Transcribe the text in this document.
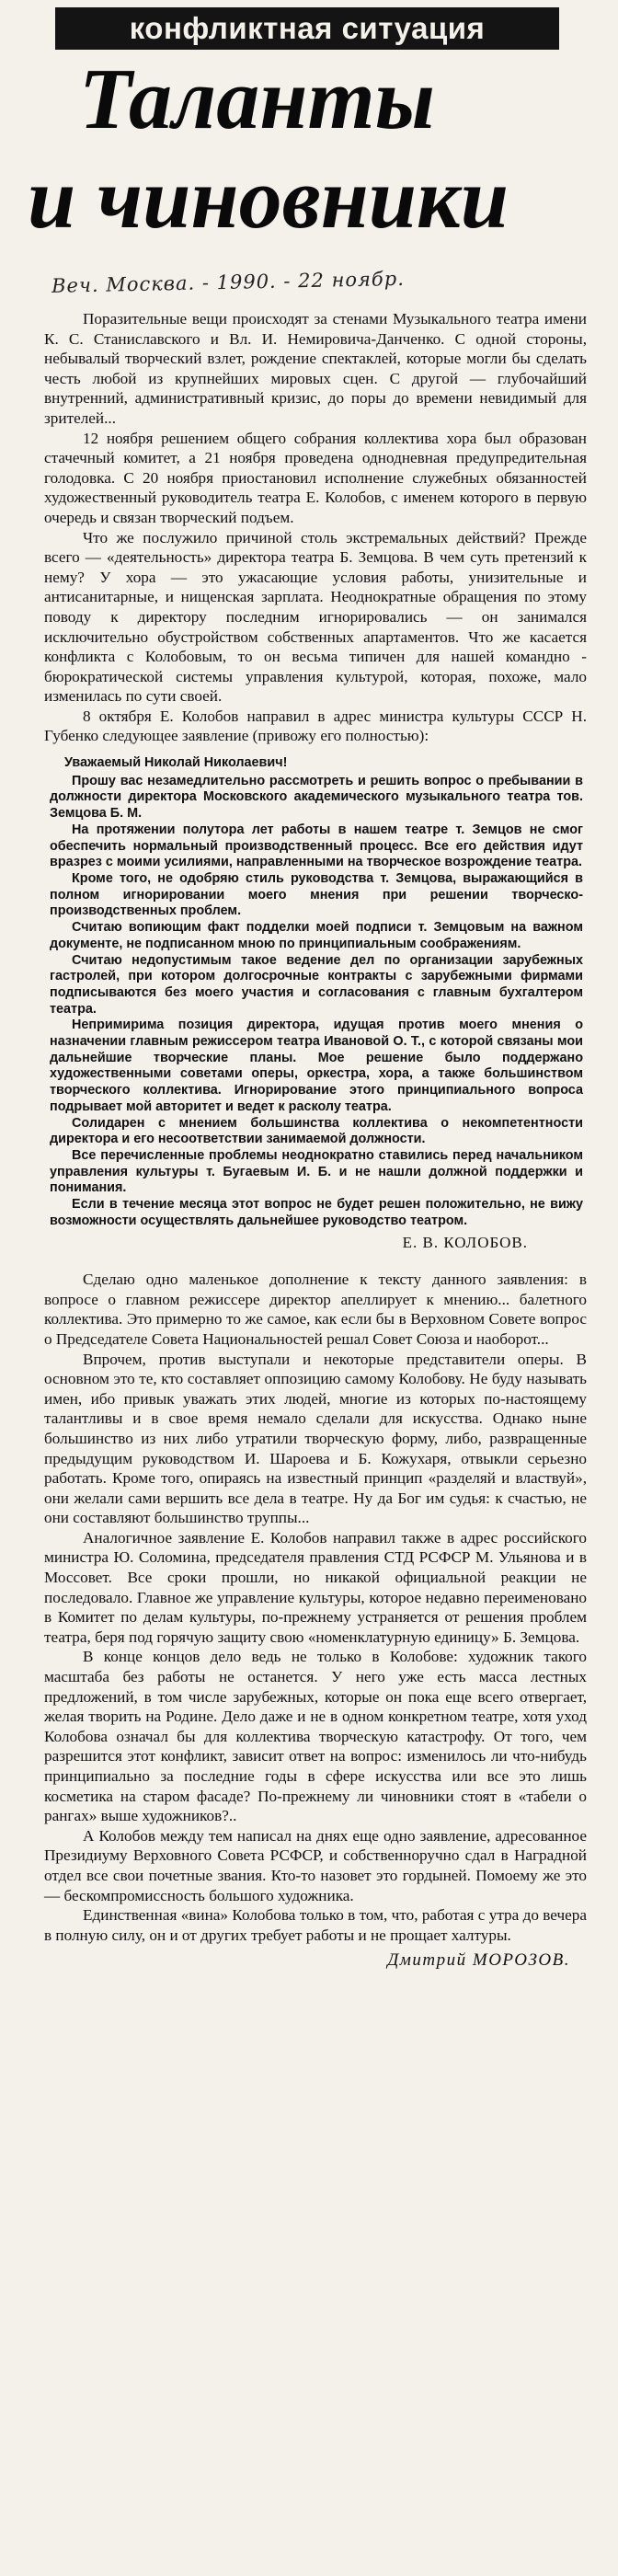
конфликтная ситуация
Таланты
и чиновники
Веч. Москва. - 1990. - 22 ноябр.

Поразительные вещи происходят за стенами Музыкального театра имени К. С. Станиславского и Вл. И. Немировича-Данченко. С одной стороны, небывалый творческий взлет, рождение спектаклей, которые могли бы сделать честь любой из крупнейших мировых сцен. С другой — глубочайший внутренний, административный кризис, до поры до времени невидимый для зрителей...

12 ноября решением общего собрания коллектива хора был образован стачечный комитет, а 21 ноября проведена однодневная предупредительная голодовка. С 20 ноября приостановил исполнение служебных обязанностей художественный руководитель театра Е. Колобов, с именем которого в первую очередь и связан творческий подъем.

Что же послужило причиной столь экстремальных действий? Прежде всего — «деятельность» директора театра Б. Земцова. В чем суть претензий к нему? У хора — это ужасающие условия работы, унизительные и антисанитарные, и нищенская зарплата. Неоднократные обращения по этому поводу к директору последним игнорировались — он занимался исключительно обустройством собственных апартаментов. Что же касается конфликта с Колобовым, то он весьма типичен для нашей командно - бюрократической системы управления культурой, которая, похоже, мало изменилась по сути своей.

8 октября Е. Колобов направил в адрес министра культуры СССР Н. Губенко следующее заявление (привожу его полностью):

Уважаемый Николай Николаевич!

Прошу вас незамедлительно рассмотреть и решить вопрос о пребывании в должности директора Московского академического музыкального театра тов. Земцова Б. М.

На протяжении полутора лет работы в нашем театре т. Земцов не смог обеспечить нормальный производственный процесс. Все его действия идут вразрез с моими усилиями, направленными на творческое возрождение театра.

Кроме того, не одобряю стиль руководства т. Земцова, выражающийся в полном игнорировании моего мнения при решении творческо-производственных проблем.

Считаю вопиющим факт подделки моей подписи т. Земцовым на важном документе, не подписанном мною по принципиальным соображениям.

Считаю недопустимым такое ведение дел по организации зарубежных гастролей, при котором долгосрочные контракты с зарубежными фирмами подписываются без моего участия и согласования с главным бухгалтером театра.

Непримирима позиция директора, идущая против моего мнения о назначении главным режиссером театра Ивановой О. Т., с которой связаны мои дальнейшие творческие планы. Мое решение было поддержано художественными советами оперы, оркестра, хора, а также большинством творческого коллектива. Игнорирование этого принципиального вопроса подрывает мой авторитет и ведет к расколу театра.

Солидарен с мнением большинства коллектива о некомпетентности директора и его несоответствии занимаемой должности.

Все перечисленные проблемы неоднократно ставились перед начальником управления культуры т. Бугаевым И. Б. и не нашли должной поддержки и понимания.

Если в течение месяца этот вопрос не будет решен положительно, не вижу возможности осуществлять дальнейшее руководство театром.

Е. В. КОЛОБОВ.

Сделаю одно маленькое дополнение к тексту данного заявления: в вопросе о главном режиссере директор апеллирует к мнению... балетного коллектива. Это примерно то же самое, как если бы в Верховном Совете вопрос о Председателе Совета Национальностей решал Совет Союза и наоборот...

Впрочем, против выступали и некоторые представители оперы. В основном это те, кто составляет оппозицию самому Колобову. Не буду называть имен, ибо привык уважать этих людей, многие из которых по-настоящему талантливы и в свое время немало сделали для искусства. Однако ныне большинство из них либо утратили творческую форму, либо, развращенные предыдущим руководством И. Шароева и Б. Кожухаря, отвыкли серьезно работать. Кроме того, опираясь на известный принцип «разделяй и властвуй», они желали сами вершить все дела в театре. Ну да Бог им судья: к счастью, не они составляют большинство труппы...

Аналогичное заявление Е. Колобов направил также в адрес российского министра Ю. Соломина, председателя правления СТД РСФСР М. Ульянова и в Моссовет. Все сроки прошли, но никакой официальной реакции не последовало. Главное же управление культуры, которое недавно переименовано в Комитет по делам культуры, по-прежнему устраняется от решения проблем театра, беря под горячую защиту свою «номенклатурную единицу» Б. Земцова.

В конце концов дело ведь не только в Колобове: художник такого масштаба без работы не останется. У него уже есть масса лестных предложений, в том числе зарубежных, которые он пока еще всего отвергает, желая творить на Родине. Дело даже и не в одном конкретном театре, хотя уход Колобова означал бы для коллектива творческую катастрофу. От того, чем разрешится этот конфликт, зависит ответ на вопрос: изменилось ли что-нибудь принципиально за последние годы в сфере искусства или все это лишь косметика на старом фасаде? По-прежнему ли чиновники стоят в «табели о рангах» выше художников?..

А Колобов между тем написал на днях еще одно заявление, адресованное Президиуму Верховного Совета РСФСР, и собственноручно сдал в Наградной отдел все свои почетные звания. Кто-то назовет это гордыней. Помоему же это — бескомпромиссность большого художника.

Единственная «вина» Колобова только в том, что, работая с утра до вечера в полную силу, он и от других требует работы и не прощает халтуры.

Дмитрий МОРОЗОВ.
